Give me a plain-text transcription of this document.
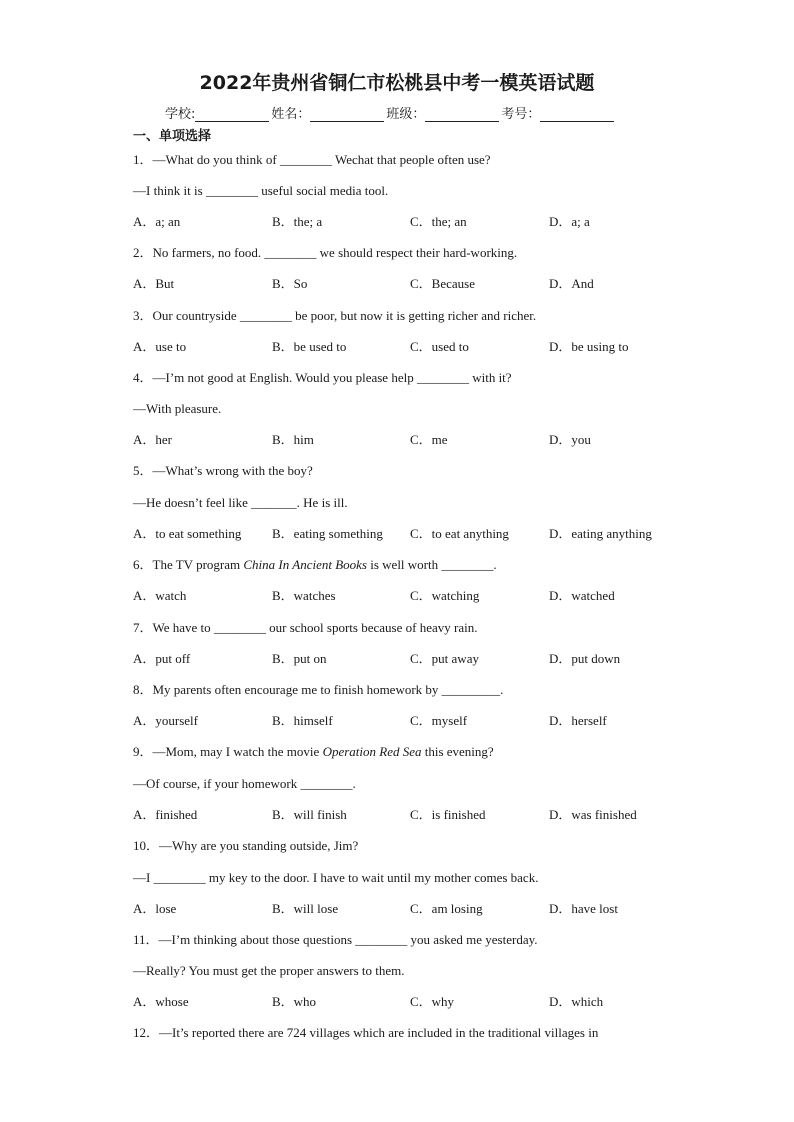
2022年贵州省铜仁市松桃县中考一模英语试题
学校:	姓名：	班级：	考号：
一、单项选择
1．—What do you think of ________ Wechat that people often use?
—I think it is ________ useful social media tool.
A．a; an	B．the; a	C．the; an	D．a; a
2．No farmers, no food. ________ we should respect their hard-working.
A．But	B．So	C．Because	D．And
3．Our countryside ________ be poor, but now it is getting richer and richer.
A．use to	B．be used to	C．used to	D．be using to
4．—I’m not good at English. Would you please help ________ with it?
—With pleasure.
A．her	B．him	C．me	D．you
5．—What’s wrong with the boy?
—He doesn’t feel like _______. He is ill.
A．to eat something B．eating something C．to eat anything	D．eating anything
6．The TV program China In Ancient Books is well worth ________.
A．watch	B．watches	C．watching	D．watched
7．We have to ________ our school sports because of heavy rain.
A．put off	B．put on	C．put away	D．put down
8．My parents often encourage me to finish homework by _________.
A．yourself	B．himself	C．myself	D．herself
9．—Mom, may I watch the movie Operation Red Sea this evening?
—Of course, if your homework ________.
A．finished	B．will finish	C．is finished	D．was finished
10．—Why are you standing outside, Jim?
—I ________ my key to the door. I have to wait until my mother comes back.
A．lose	B．will lose	C．am losing	D．have lost
11．—I’m thinking about those questions ________ you asked me yesterday.
—Really? You must get the proper answers to them.
A．whose	B．who	C．why	D．which
12．—It’s reported there are 724 villages which are included in the traditional villages in
